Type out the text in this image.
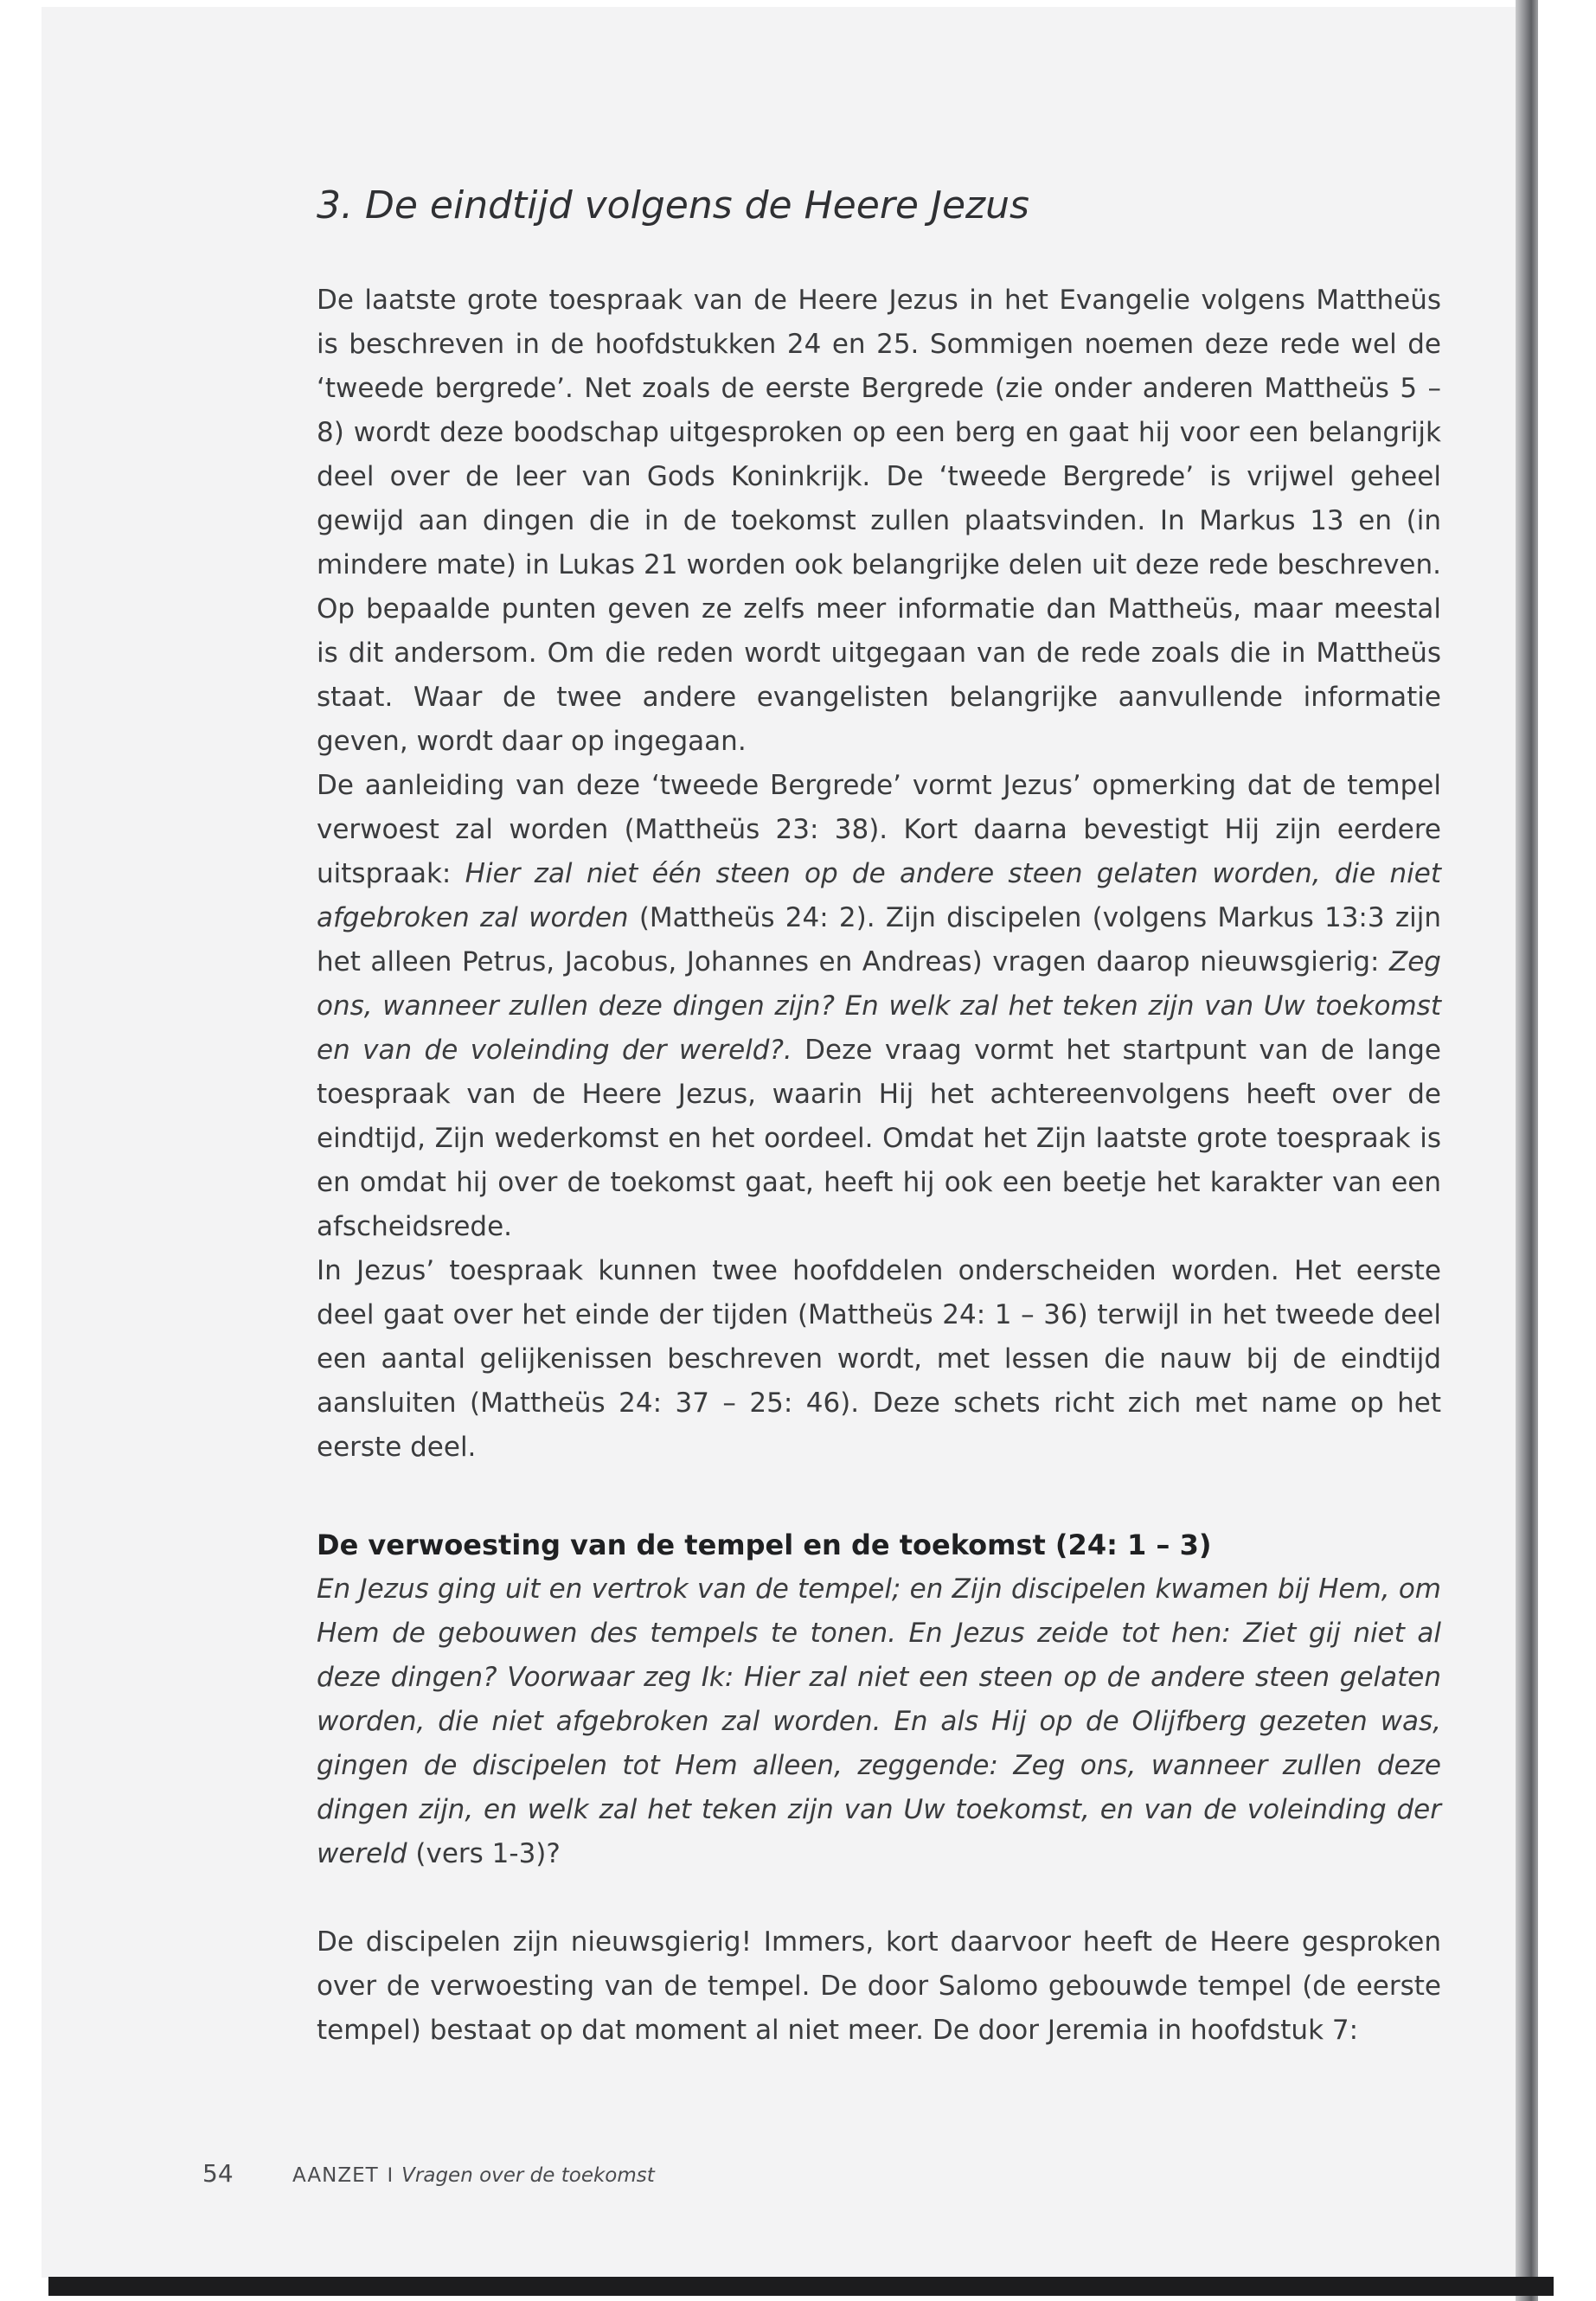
3. De eindtijd volgens de Heere Jezus

De laatste grote toespraak van de Heere Jezus in het Evangelie volgens Mattheüs is beschreven in de hoofdstukken 24 en 25. Sommigen noemen deze rede wel de ‘tweede bergrede’. Net zoals de eerste Bergrede (zie onder anderen Mattheüs 5 – 8) wordt deze boodschap uitgesproken op een berg en gaat hij voor een belangrijk deel over de leer van Gods Koninkrijk. De ‘tweede Bergrede’ is vrijwel geheel gewijd aan dingen die in de toekomst zullen plaatsvinden. In Markus 13 en (in mindere mate) in Lukas 21 worden ook belangrijke delen uit deze rede beschreven. Op bepaalde punten geven ze zelfs meer informatie dan Mattheüs, maar meestal is dit andersom. Om die reden wordt uitgegaan van de rede zoals die in Mattheüs staat. Waar de twee andere evangelisten belangrijke aanvullende informatie geven, wordt daar op ingegaan.

De aanleiding van deze ‘tweede Bergrede’ vormt Jezus’ opmerking dat de tempel verwoest zal worden (Mattheüs 23: 38). Kort daarna bevestigt Hij zijn eerdere uitspraak: Hier zal niet één steen op de andere steen gelaten worden, die niet afgebroken zal worden (Mattheüs 24: 2). Zijn discipelen (volgens Markus 13:3 zijn het alleen Petrus, Jacobus, Johannes en Andreas) vragen daarop nieuwsgierig: Zeg ons, wanneer zullen deze dingen zijn? En welk zal het teken zijn van Uw toekomst en van de voleinding der wereld?. Deze vraag vormt het startpunt van de lange toespraak van de Heere Jezus, waarin Hij het achtereenvolgens heeft over de eindtijd, Zijn wederkomst en het oordeel. Omdat het Zijn laatste grote toespraak is en omdat hij over de toekomst gaat, heeft hij ook een beetje het karakter van een afscheidsrede.

In Jezus’ toespraak kunnen twee hoofddelen onderscheiden worden. Het eerste deel gaat over het einde der tijden (Mattheüs 24: 1 – 36) terwijl in het tweede deel een aantal gelijkenissen beschreven wordt, met lessen die nauw bij de eindtijd aansluiten (Mattheüs 24: 37 – 25: 46). Deze schets richt zich met name op het eerste deel.

De verwoesting van de tempel en de toekomst (24: 1 – 3)

En Jezus ging uit en vertrok van de tempel; en Zijn discipelen kwamen bij Hem, om Hem de gebouwen des tempels te tonen. En Jezus zeide tot hen: Ziet gij niet al deze dingen? Voorwaar zeg Ik: Hier zal niet een steen op de andere steen gelaten worden, die niet afgebroken zal worden. En als Hij op de Olijfberg gezeten was, gingen de discipelen tot Hem alleen, zeggende: Zeg ons, wanneer zullen deze dingen zijn, en welk zal het teken zijn van Uw toekomst, en van de voleinding der wereld (vers 1-3)?

De discipelen zijn nieuwsgierig! Immers, kort daarvoor heeft de Heere gesproken over de verwoesting van de tempel. De door Salomo gebouwde tempel (de eerste tempel) bestaat op dat moment al niet meer. De door Jeremia in hoofdstuk 7:

54	AANZET I Vragen over de toekomst
